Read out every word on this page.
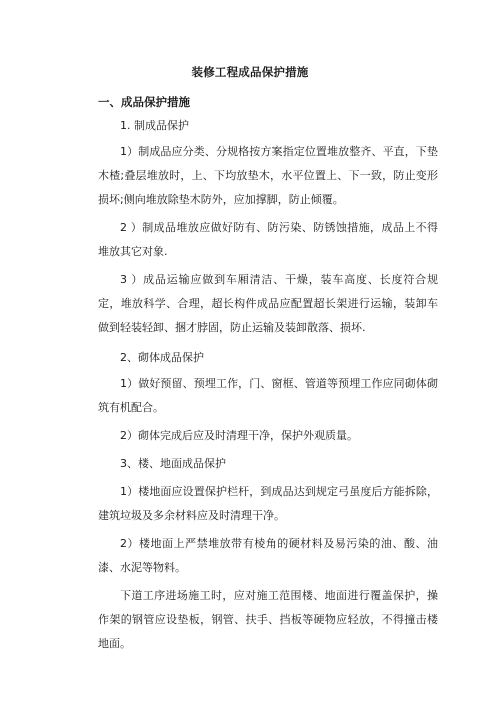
装修工程成品保护措施
一、成品保护措施

1. 制成品保护

1）制成品应分类、分规格按方案指定位置堆放整齐、平直，下垫木楂;叠层堆放时，上、下均放垫木，水平位置上、下一致，防止变形损坏;侧向堆放除垫木防外，应加撑脚，防止倾覆。

2 ）制成品堆放应做好防有、防污染、防锈蚀措施，成品上不得堆放其它对象.

3 ）成品运输应做到车厢清洁、干燥，装车高度、长度符合规定，堆放科学、合理，超长构件成品应配置超长架进行运输，装卸车做到轻装轻卸、捆才脖固，防止运输及装卸散落、损坏.

2、砌体成品保护

1）做好预留、预埋工作，门、窗框、管道等预埋工作应同砌体砌筑有机配合。

2）砌体完成后应及时清理干净，保护外观质量。

3、楼、地面成品保护

1）楼地面应设置保护栏杆，到成品达到规定弓虽度后方能拆除，建筑垃圾及多余材料应及时清理干净。

2）楼地面上严禁堆放带有棱角的硬材料及易污染的油、酸、油漆、水泥等物料。

下道工序进场施工时，应对施工范围楼、地面进行覆盖保护，操作架的钢管应设垫板，钢管、扶手、挡板等硬物应轻放，不得撞击楼地面。
